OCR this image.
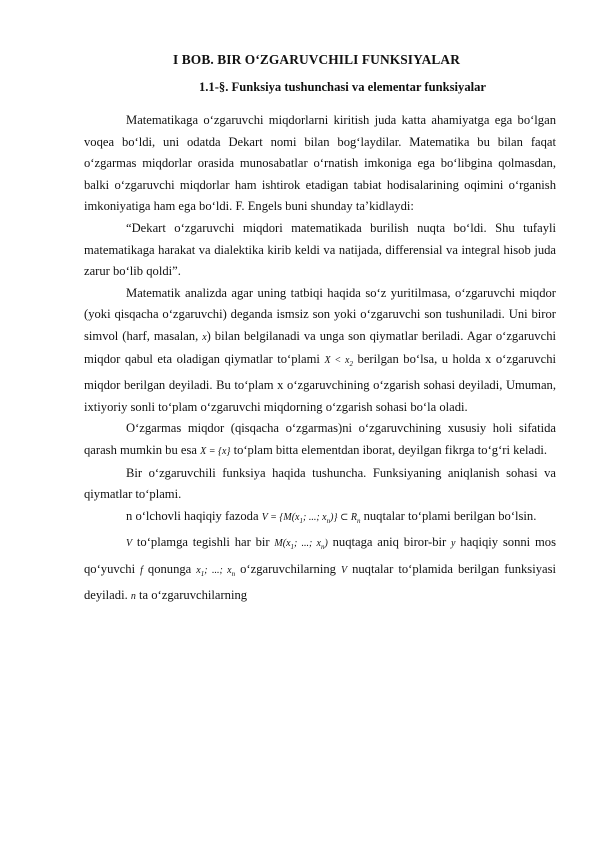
I BOB. BIR O‘ZGARUVCHILI FUNKSIYALAR
1.1-§. Funksiya tushunchasi va elementar funksiyalar

Matematikaga o‘zgaruvchi miqdorlarni kiritish juda katta ahamiyatga ega bo‘lgan voqea bo‘ldi, uni odatda Dekart nomi bilan bog‘laydilar. Matematika bu bilan faqat o‘zgarmas miqdorlar orasida munosabatlar o‘rnatish imkoniga ega bo‘libgina qolmasdan, balki o‘zgaruvchi miqdorlar ham ishtirok etadigan tabiat hodisalarining oqimini o‘rganish imkoniyatiga ham ega bo‘ldi. F. Engels buni shunday ta’kidlaydi:

“Dekart o‘zgaruvchi miqdori matematikada burilish nuqta bo‘ldi. Shu tufayli matematikaga harakat va dialektika kirib keldi va natijada, differensial va integral hisob juda zarur bo‘lib qoldi”.

Matematik analizda agar uning tatbiqi haqida so‘z yuritilmasa, o‘zgaruvchi miqdor (yoki qisqacha o‘zgaruvchi) deganda ismsiz son yoki o‘zgaruvchi son tushuniladi. Uni biror simvol (harf, masalan, x) bilan belgilanadi va unga son qiymatlar beriladi. Agar o‘zgaruvchi miqdor qabul eta oladigan qiymatlar to‘plami $X < x_2$ berilgan bo‘lsa, u holda x o‘zgaruvchi miqdor berilgan deyiladi. Bu to‘plam x o‘zgaruvchining o‘zgarish sohasi deyiladi, Umuman, ixtiyoriy sonli to‘plam o‘zgaruvchi miqdorning o‘zgarish sohasi bo‘la oladi.

O‘zgarmas miqdor (qisqacha o‘zgarmas)ni o‘zgaruvchining xususiy holi sifatida qarash mumkin bu esa X = {x} to‘plam bitta elementdan iborat, deyilgan fikrga to‘g‘ri keladi.

Bir o‘zgaruvchili funksiya haqida tushuncha. Funksiyaning aniqlanish sohasi va qiymatlar to‘plami.

n o‘lchovli haqiqiy fazoda $V = \{M(x_1$; ...; $x_n$)} ⊂ $R_n$ nuqtalar to‘plami berilgan bo‘lsin.

V to‘plamga tegishli har bir $M(x_1$; ...; $x_n$) nuqtaga aniq biror-bir y haqiqiy sonni mos qo‘yuvchi f qonunga $x_1$; ...; $x_n$ o‘zgaruvchilarning V nuqtalar to‘plamida berilgan funksiyasi deyiladi. n ta o‘zgaruvchilarning
